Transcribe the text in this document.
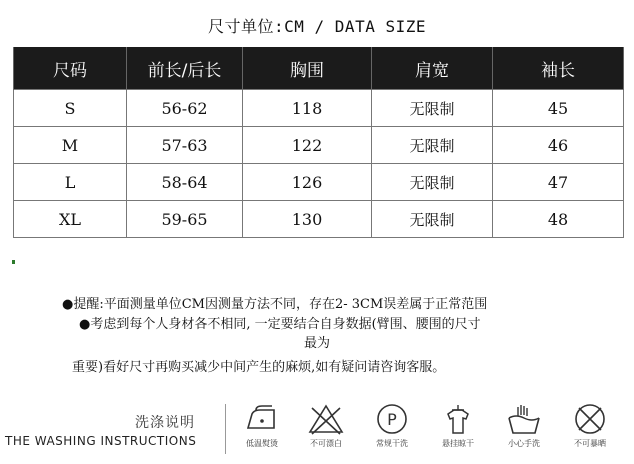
尺寸单位:CM / DATA SIZE
尺码	前长/后长	胸围	肩宽	袖长
S	56-62	118	无限制	45
M	57-63	122	无限制	46
L	58-64	126	无限制	47
XL	59-65	130	无限制	48
●提醒:平面测量单位CM因测量方法不同，存在2- 3CM误差属于正常范围
●考虑到每个人身材各不相同, 一定要结合自身数据(臂围、腰围的尺寸
最为
重要)看好尺寸再购买减少中间产生的麻烦,如有疑问请咨询客服。
洗涤说明
THE WASHING INSTRUCTIONS	低温熨烫	不可漂白
P
常规干洗	悬挂晾干	小心手洗	不可暴晒
